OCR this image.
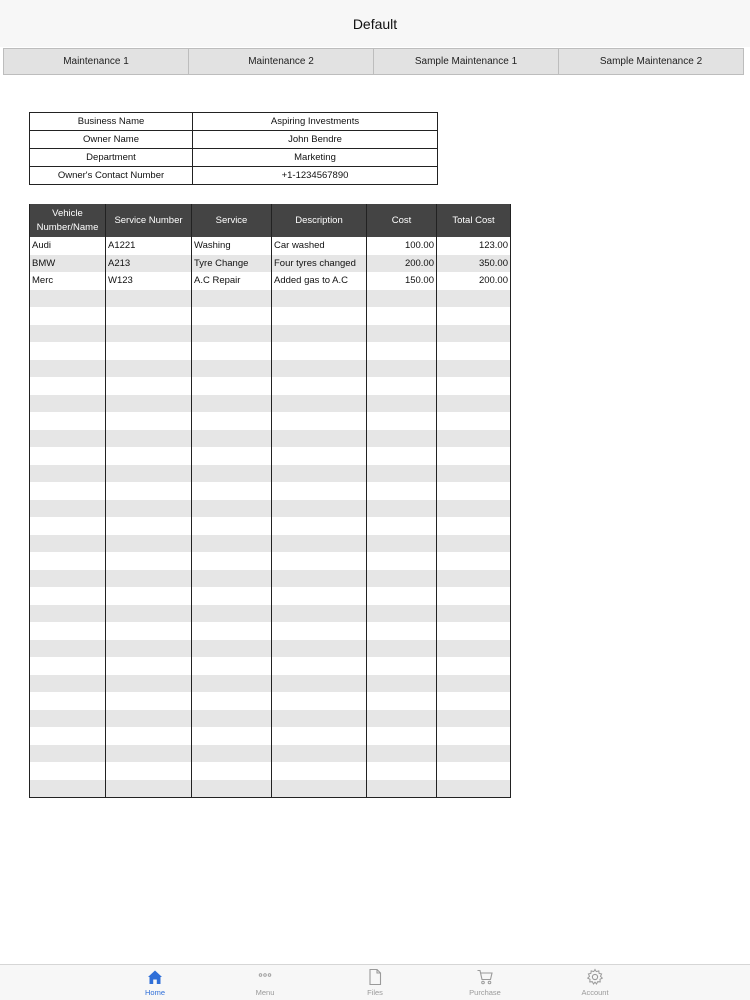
Default
Maintenance 1	Maintenance 2	Sample Maintenance 1	Sample Maintenance 2
Business Name	Aspiring Investments
Owner Name	John Bendre
Department	Marketing
Owner's Contact Number	+1-1234567890
Vehicle Number/Name	Service Number	Service	Description	Cost	Total Cost
Audi	A1221	Washing	Car washed	100.00	123.00
BMW	A213	Tyre Change	Four tyres changed	200.00	350.00
Merc	W123	A.C Repair	Added gas to A.C	150.00	200.00

Home	Menu	Files	Purchase	Account
